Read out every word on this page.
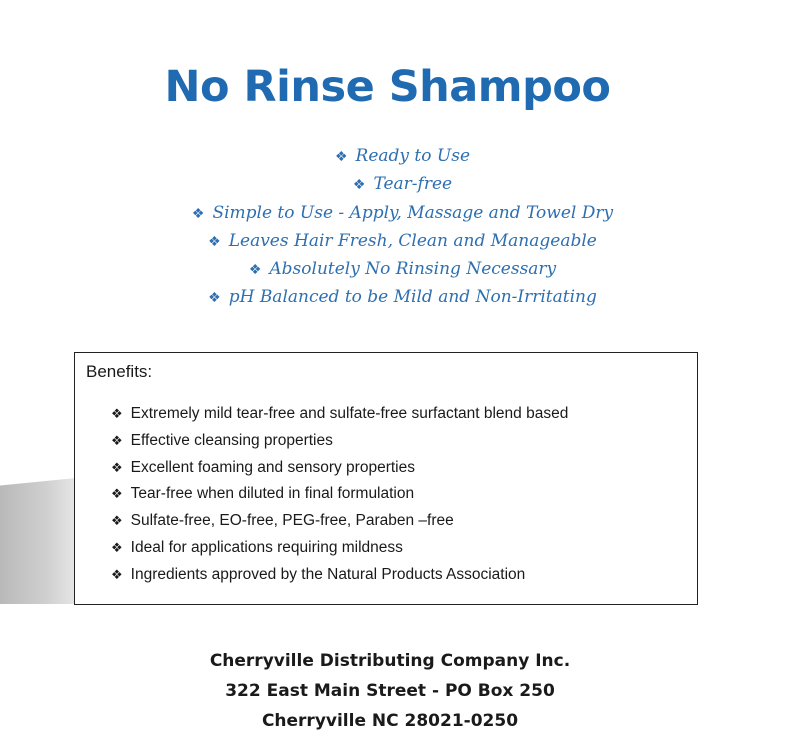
No Rinse Shampoo
❖ Ready to Use
❖ Tear-free
❖ Simple to Use - Apply, Massage and Towel Dry
❖ Leaves Hair Fresh, Clean and Manageable
❖ Absolutely No Rinsing Necessary
❖ pH Balanced to be Mild and Non-Irritating

Benefits:

❖ Extremely mild tear-free and sulfate-free surfactant blend based
❖ Effective cleansing properties
❖ Excellent foaming and sensory properties
❖ Tear-free when diluted in final formulation
❖ Sulfate-free, EO-free, PEG-free, Paraben –free
❖ Ideal for applications requiring mildness
❖ Ingredients approved by the Natural Products Association
Cherryville Distributing Company Inc.
322 East Main Street - PO Box 250
Cherryville NC 28021-0250
